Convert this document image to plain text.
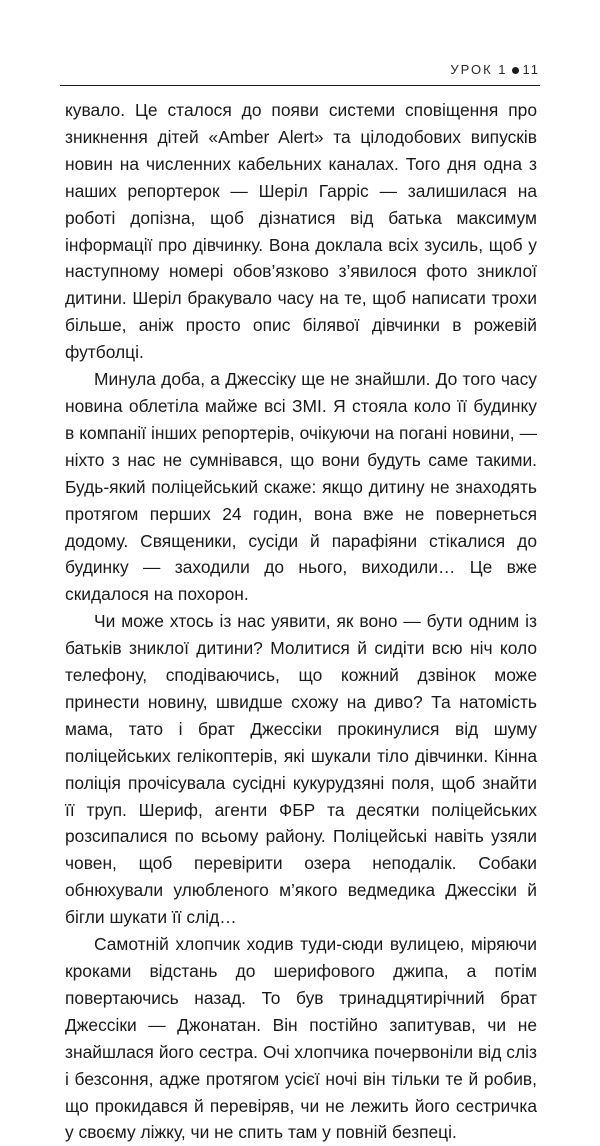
УРОК 1 11

кувало. Це сталося до появи системи сповіщення про зникнення дітей «Amber Alert» та цілодобових випусків новин на численних кабельних каналах. Того дня одна з наших репортерок — Шеріл Гарріс — залишилася на роботі допізна, щоб дізнатися від батька максимум інформації про дівчинку. Вона доклала всіх зусиль, щоб у наступному номері обов’язково з’явилося фото зниклої дитини. Шеріл бракувало часу на те, щоб написати трохи більше, аніж просто опис білявої дівчинки в рожевій футболці.

Минула доба, а Джессіку ще не знайшли. До того часу новина облетіла майже всі ЗМІ. Я стояла коло її будинку в компанії інших репортерів, очікуючи на погані новини, — ніхто з нас не сумнівався, що вони будуть саме такими. Будь-який поліцейський скаже: якщо дитину не знаходять протягом перших 24 годин, вона вже не повернеться додому. Священики, сусіди й парафіяни стікалися до будинку — заходили до нього, виходили… Це вже скидалося на похорон.

Чи може хтось із нас уявити, як воно — бути одним із батьків зниклої дитини? Молитися й сидіти всю ніч коло телефону, сподіваючись, що кожний дзвінок може принести новину, швидше схожу на диво? Та натомість мама, тато і брат Джессіки прокинулися від шуму поліцейських гелікоптерів, які шукали тіло дівчинки. Кінна поліція прочісувала сусідні кукурудзяні поля, щоб знайти її труп. Шериф, агенти ФБР та десятки поліцейських розсипалися по всьому району. Поліцейські навіть узяли човен, щоб перевірити озера неподалік. Собаки обнюхували улюбленого м’якого ведмедика Джессіки й бігли шукати її слід…

Самотній хлопчик ходив туди-сюди вулицею, міряючи кроками відстань до шерифового джипа, а потім повертаючись назад. То був тринадцятирічний брат Джессіки — Джонатан. Він постійно запитував, чи не знайшлася його сестра. Очі хлопчика почервоніли від сліз і безсоння, адже протягом усієї ночі він тільки те й робив, що прокидався й перевіряв, чи не лежить його сестричка у своєму ліжку, чи не спить там у повній безпеці.
